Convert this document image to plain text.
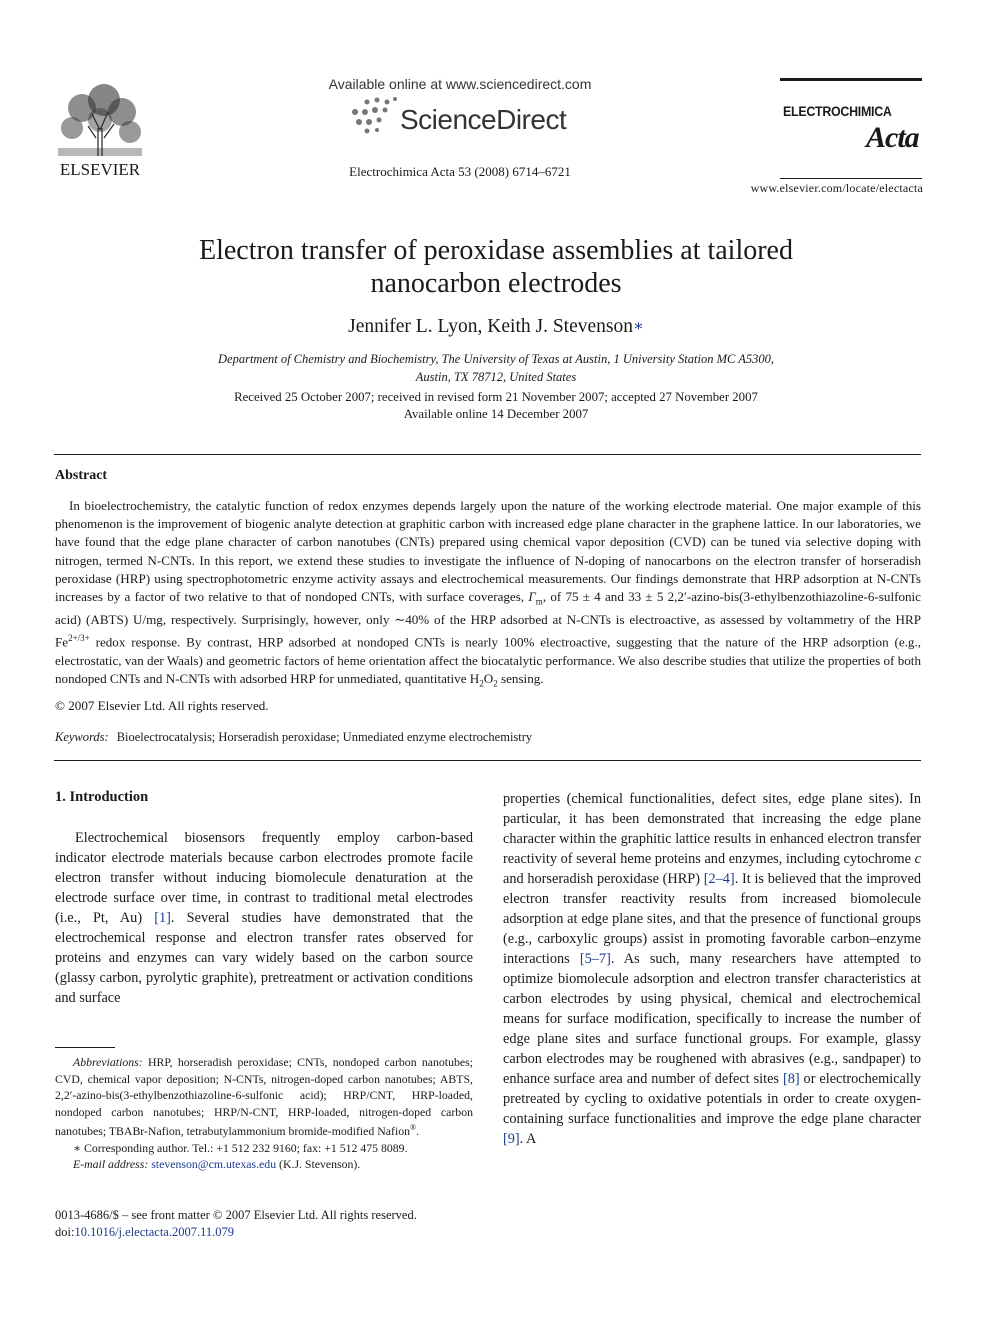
ELSEVIER
Available online at www.sciencedirect.com
ScienceDirect
Electrochimica Acta 53 (2008) 6714–6721
ELECTROCHIMICA
Acta
www.elsevier.com/locate/electacta
Electron transfer of peroxidase assemblies at tailored
nanocarbon electrodes
Jennifer L. Lyon, Keith J. Stevenson∗
Department of Chemistry and Biochemistry, The University of Texas at Austin, 1 University Station MC A5300,
Austin, TX 78712, United States
Received 25 October 2007; received in revised form 21 November 2007; accepted 27 November 2007
Available online 14 December 2007
Abstract

In bioelectrochemistry, the catalytic function of redox enzymes depends largely upon the nature of the working electrode material. One major example of this phenomenon is the improvement of biogenic analyte detection at graphitic carbon with increased edge plane character in the graphene lattice. In our laboratories, we have found that the edge plane character of carbon nanotubes (CNTs) prepared using chemical vapor deposition (CVD) can be tuned via selective doping with nitrogen, termed N-CNTs. In this report, we extend these studies to investigate the influence of N-doping of nanocarbons on the electron transfer of horseradish peroxidase (HRP) using spectrophotometric enzyme activity assays and electrochemical measurements. Our findings demonstrate that HRP adsorption at N-CNTs increases by a factor of two relative to that of nondoped CNTs, with surface coverages, $\Gamma_m$, of 75 ± 4 and 33 ± 5 2,2′-azino-bis(3-ethylbenzothiazoline-6-sulfonic acid) (ABTS) U/mg, respectively. Surprisingly, however, only ∼40% of the HRP adsorbed at N-CNTs is electroactive, as assessed by voltammetry of the HRP $Fe^{2+/3+}$ redox response. By contrast, HRP adsorbed at nondoped CNTs is nearly 100% electroactive, suggesting that the nature of the HRP adsorption (e.g., electrostatic, van der Waals) and geometric factors of heme orientation affect the biocatalytic performance. We also describe studies that utilize the properties of both nondoped CNTs and N-CNTs with adsorbed HRP for unmediated, quantitative $H_2O_2$ sensing.

© 2007 Elsevier Ltd. All rights reserved.
Keywords: Bioelectrocatalysis; Horseradish peroxidase; Unmediated enzyme electrochemistry
1. Introduction

Electrochemical biosensors frequently employ carbon-based indicator electrode materials because carbon electrodes promote facile electron transfer without inducing biomolecule denaturation at the electrode surface over time, in contrast to traditional metal electrodes (i.e., Pt, Au) [1]. Several studies have demonstrated that the electrochemical response and electron transfer rates observed for proteins and enzymes can vary widely based on the carbon source (glassy carbon, pyrolytic graphite), pretreatment or activation conditions and surface

properties (chemical functionalities, defect sites, edge plane sites). In particular, it has been demonstrated that increasing the edge plane character within the graphitic lattice results in enhanced electron transfer reactivity of several heme proteins and enzymes, including cytochrome c and horseradish peroxidase (HRP) [2–4]. It is believed that the improved electron transfer reactivity results from increased biomolecule adsorption at edge plane sites, and that the presence of functional groups (e.g., carboxylic groups) assist in promoting favorable carbon–enzyme interactions [5–7]. As such, many researchers have attempted to optimize biomolecule adsorption and electron transfer characteristics at carbon electrodes by using physical, chemical and electrochemical means for surface modification, specifically to increase the number of edge plane sites and surface functional groups. For example, glassy carbon electrodes may be roughened with abrasives (e.g., sandpaper) to enhance surface area and number of defect sites [8] or electrochemically pretreated by cycling to oxidative potentials in order to create oxygen-containing surface functionalities and improve the edge plane character [9]. A

Abbreviations: HRP, horseradish peroxidase; CNTs, nondoped carbon nanotubes; CVD, chemical vapor deposition; N-CNTs, nitrogen-doped carbon nanotubes; ABTS, 2,2′-azino-bis(3-ethylbenzothiazoline-6-sulfonic acid); HRP/CNT, HRP-loaded, nondoped carbon nanotubes; HRP/N-CNT, HRP-loaded, nitrogen-doped carbon nanotubes; TBABr-Nafion, tetrabutylammonium bromide-modified Nafion®.

∗ Corresponding author. Tel.: +1 512 232 9160; fax: +1 512 475 8089.

E-mail address: stevenson@cm.utexas.edu (K.J. Stevenson).

0013-4686/$ – see front matter © 2007 Elsevier Ltd. All rights reserved.
doi:10.1016/j.electacta.2007.11.079
